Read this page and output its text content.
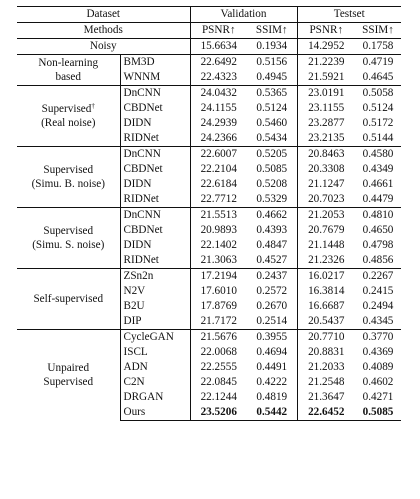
Dataset		Validation		Testset	
Methods		PSNR↑	SSIM↑	PSNR↑	SSIM↑
Noisy		15.6634	0.1934	14.2952	0.1758
Non-learning
based	BM3D	22.6492	0.5156	21.2239	0.4719
	WNNM	22.4323	0.4945	21.5921	0.4645
Supervised†
(Real noise)	DnCNN	24.0432	0.5365	23.0191	0.5058
	CBDNet	24.1155	0.5124	23.1155	0.5124
	DIDN	24.2939	0.5460	23.2877	0.5172
	RIDNet	24.2366	0.5434	23.2135	0.5144
Supervised
(Simu. B. noise)	DnCNN	22.6007	0.5205	20.8463	0.4580
	CBDNet	22.2104	0.5085	20.3308	0.4349
	DIDN	22.6184	0.5208	21.1247	0.4661
	RIDNet	22.7712	0.5329	20.7023	0.4479
Supervised
(Simu. S. noise)	DnCNN	21.5513	0.4662	21.2053	0.4810
	CBDNet	20.9893	0.4393	20.7679	0.4650
	DIDN	22.1402	0.4847	21.1448	0.4798
	RIDNet	21.3063	0.4527	21.2326	0.4856
Self-supervised	ZSn2n	17.2194	0.2437	16.0217	0.2267
	N2V	17.6010	0.2572	16.3814	0.2415
	B2U	17.8769	0.2670	16.6687	0.2494
	DIP	21.7172	0.2514	20.5437	0.4345
Unpaired
Supervised	CycleGAN	21.5676	0.3955	20.7710	0.3770
	ISCL	22.0068	0.4694	20.8831	0.4369
	ADN	22.2555	0.4491	21.2033	0.4089
	C2N	22.0845	0.4222	21.2548	0.4602
	DRGAN	22.1244	0.4819	21.3647	0.4271
	Ours	23.5206	0.5442	22.6452	0.5085
